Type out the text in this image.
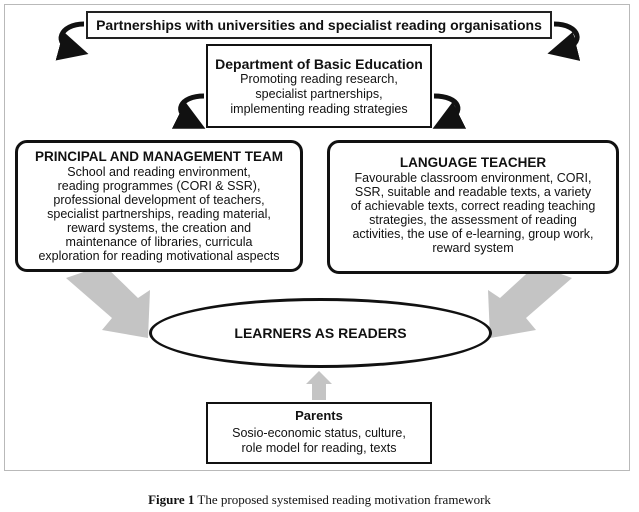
Partnerships with universities and specialist reading organisations
Department of Basic Education
Promoting reading research,
specialist partnerships,
implementing reading strategies
PRINCIPAL AND MANAGEMENT TEAM
School and reading environment,
reading programmes (CORI & SSR),
professional development of teachers,
specialist partnerships, reading material,
reward systems, the creation and
maintenance of libraries, curricula
exploration for reading motivational aspects
LANGUAGE TEACHER
Favourable classroom environment, CORI,
SSR, suitable and readable texts, a variety
of achievable texts, correct reading teaching
strategies, the assessment of reading
activities, the use of e-learning, group work,
reward system
LEARNERS AS READERS
Parents
Sosio-economic status, culture,
role model for reading, texts
Figure 1 The proposed systemised reading motivation framework
